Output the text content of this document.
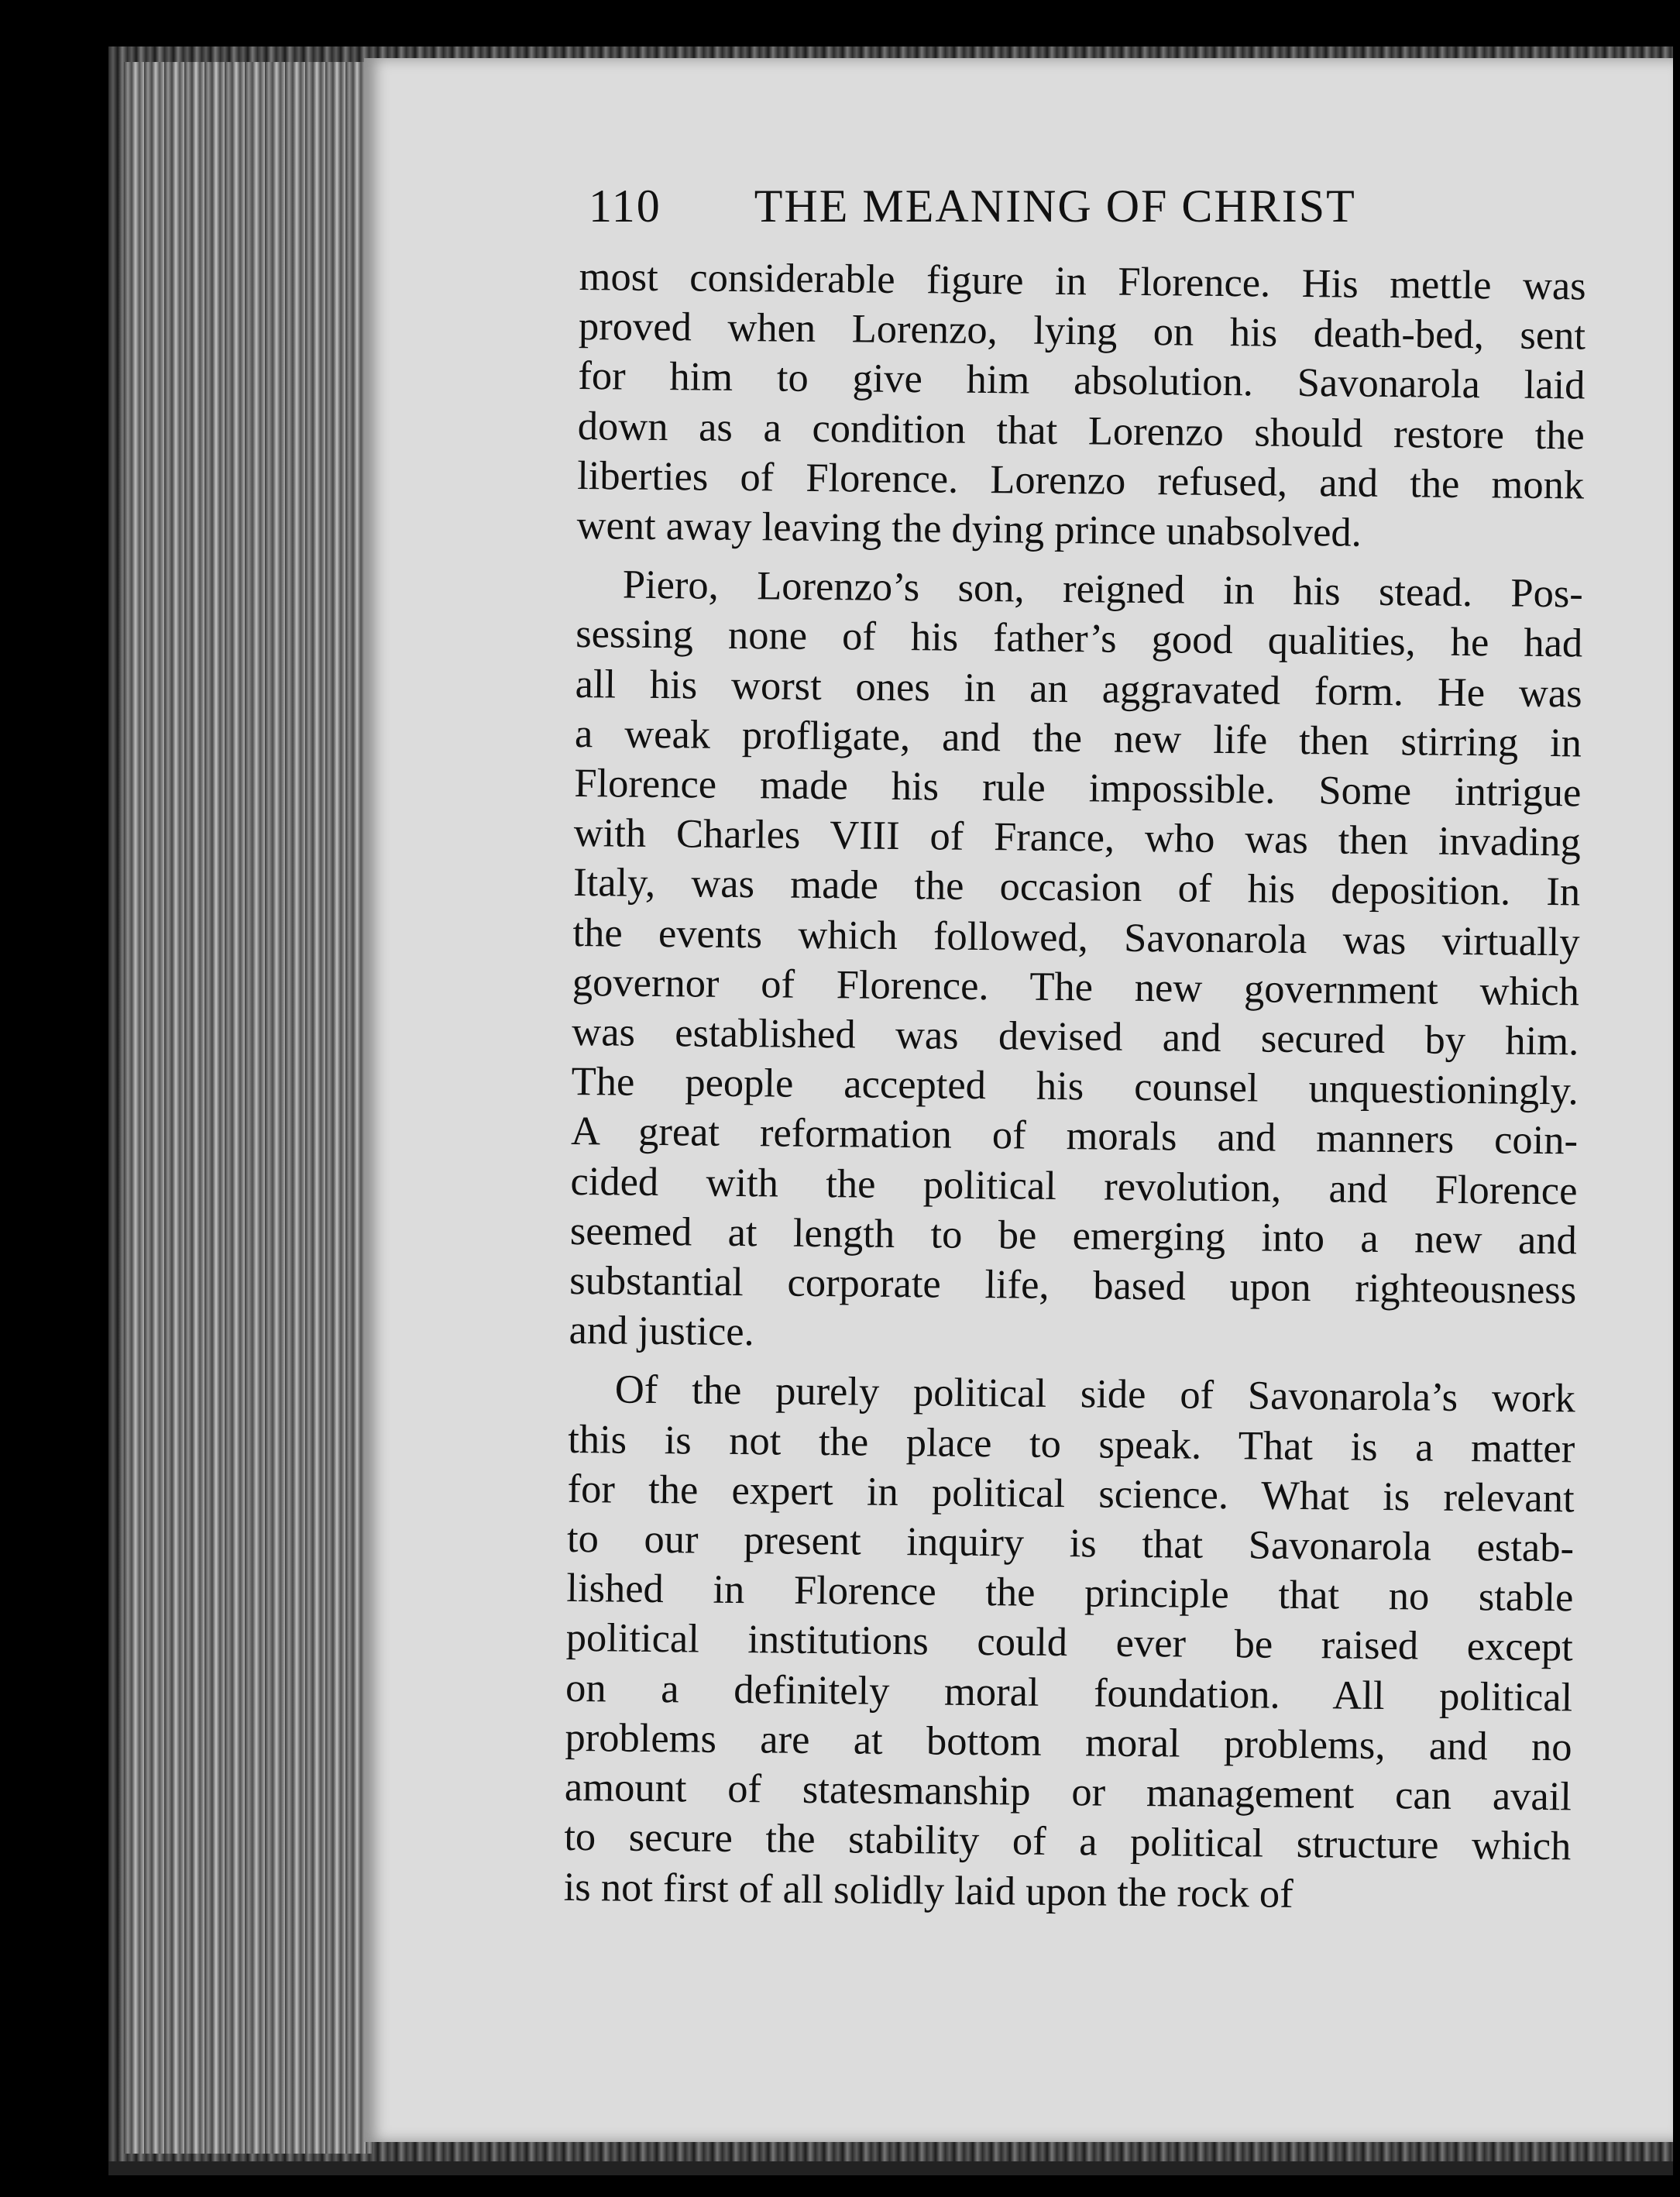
110 THE MEANING OF CHRIST
most considerable figure in Florence. His mettle was
proved when Lorenzo, lying on his death-bed, sent
for him to give him absolution. Savonarola laid
down as a condition that Lorenzo should restore the
liberties of Florence. Lorenzo refused, and the monk
went away leaving the dying prince unabsolved.
Piero, Lorenzo’s son, reigned in his stead. Pos-
sessing none of his father’s good qualities, he had
all his worst ones in an aggravated form. He was
a weak profligate, and the new life then stirring in
Florence made his rule impossible. Some intrigue
with Charles VIII of France, who was then invading
Italy, was made the occasion of his deposition. In
the events which followed, Savonarola was virtually
governor of Florence. The new government which
was established was devised and secured by him.
The people accepted his counsel unquestioningly.
A great reformation of morals and manners coin-
cided with the political revolution, and Florence
seemed at length to be emerging into a new and
substantial corporate life, based upon righteousness
and justice.
Of the purely political side of Savonarola’s work
this is not the place to speak. That is a matter
for the expert in political science. What is relevant
to our present inquiry is that Savonarola estab-
lished in Florence the principle that no stable
political institutions could ever be raised except
on a definitely moral foundation. All political
problems are at bottom moral problems, and no
amount of statesmanship or management can avail
to secure the stability of a political structure which
is not first of all solidly laid upon the rock of
